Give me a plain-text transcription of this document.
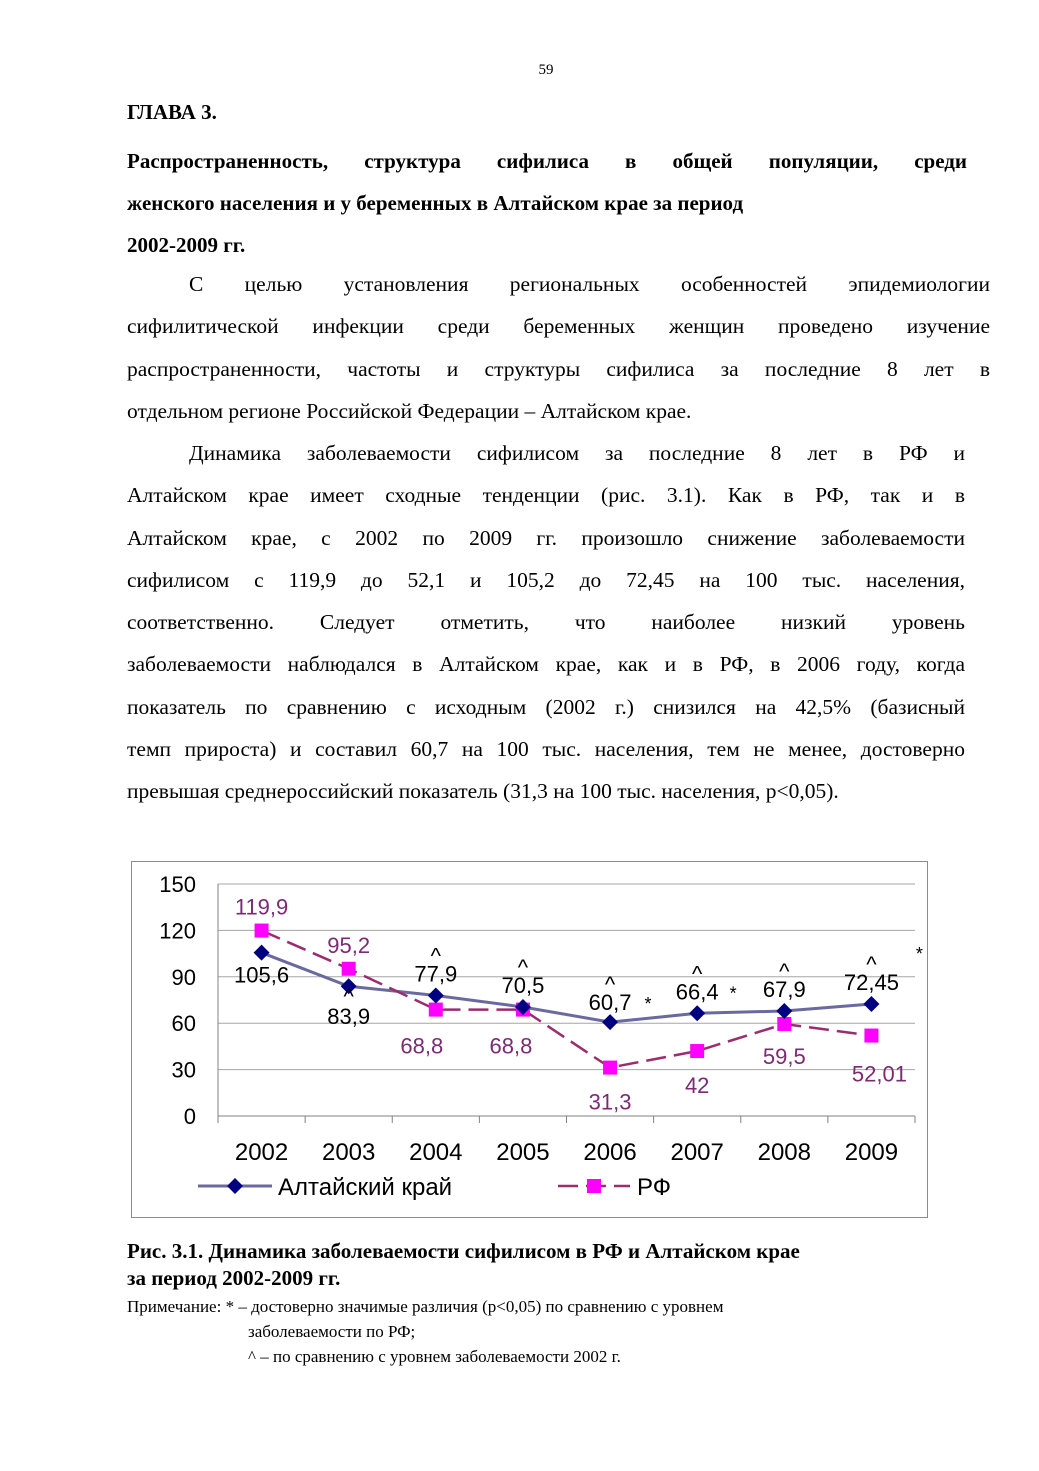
59
ГЛАВА 3.
Распространенность, структура сифилиса в общей популяции, среди
женского населения и у беременных в Алтайском крае за период
2002-2009 гг.
С целью установления региональных особенностей эпидемиологии
сифилитической инфекции среди беременных женщин проведено изучение
распространенности, частоты и структуры сифилиса за последние 8 лет в
отдельном регионе Российской Федерации – Алтайском крае.
Динамика заболеваемости сифилисом за последние 8 лет в РФ и
Алтайском крае имеет сходные тенденции (рис. 3.1). Как в РФ, так и в
Алтайском крае, с 2002 по 2009 гг. произошло снижение заболеваемости
сифилисом с 119,9 до 52,1 и 105,2 до 72,45 на 100 тыс. населения,
соответственно. Следует отметить, что наиболее низкий уровень
заболеваемости наблюдался в Алтайском крае, как и в РФ, в 2006 году, когда
показатель по сравнению с исходным (2002 г.) снизился на 42,5% (базисный
темп прироста) и составил 60,7 на 100 тыс. населения, тем не менее, достоверно
превышая среднероссийский показатель (31,3 на 100 тыс. населения, p<0,05).
0
30
60
90
120
150
2002 2003 2004 2005 2006 2007 2008 2009
105,6
83,9
77,9 70,5
60,7 66,4 67,9 72,45
119,9
95,2
68,8 68,8
31,3
42
59,5
52,01
^
^	^
^
*
^
*
^	^ *
Алтайский край	РФ
Рис. 3.1. Динамика заболеваемости сифилисом в РФ и Алтайском крае
за период 2002-2009 гг.
Примечание: * – достоверно значимые различия (p<0,05) по сравнению с уровнем
заболеваемости по РФ;
^ – по сравнению с уровнем заболеваемости 2002 г.
